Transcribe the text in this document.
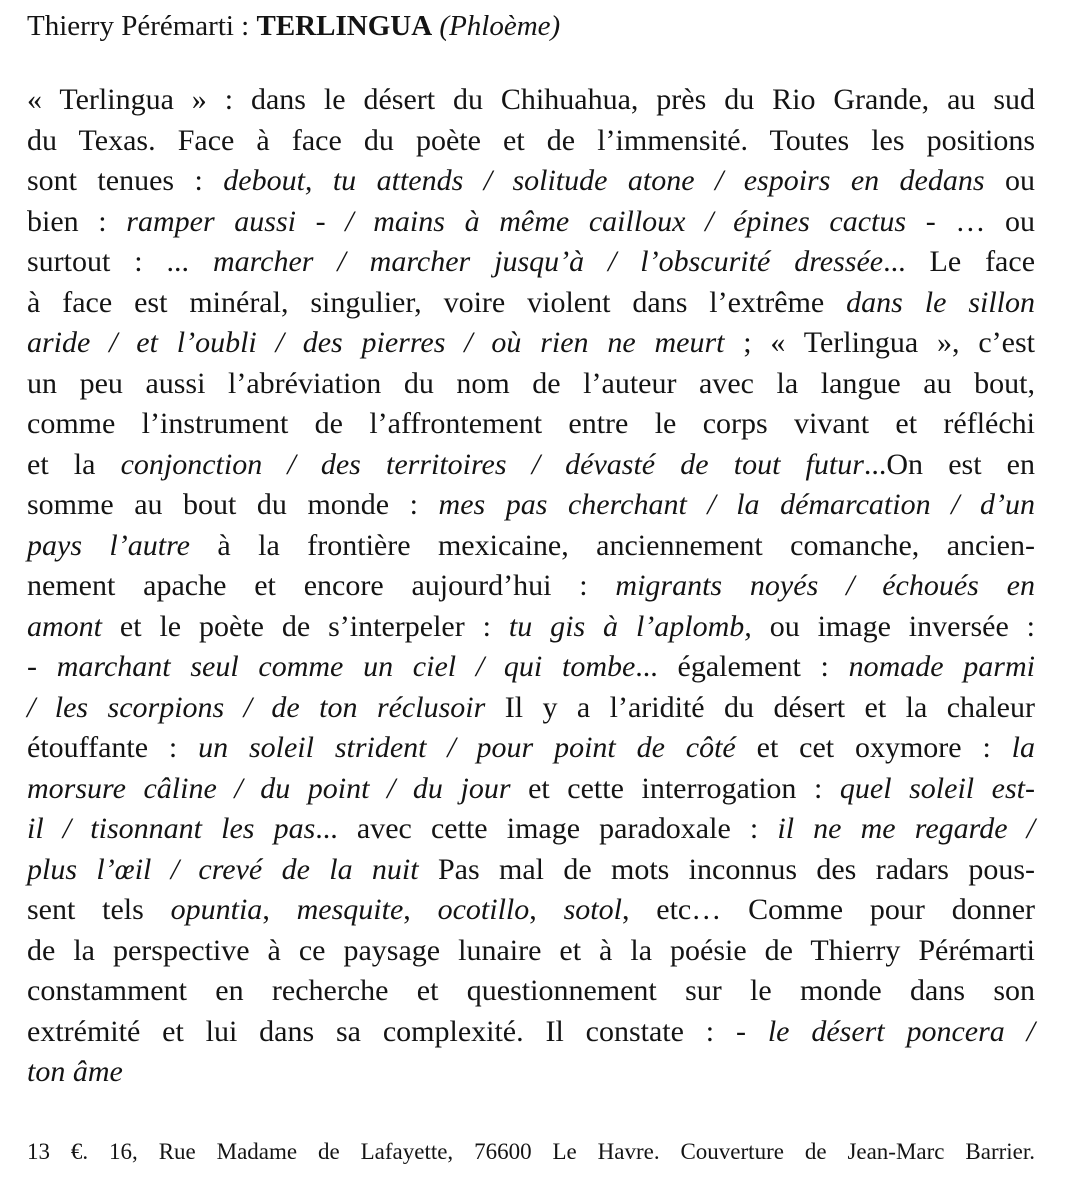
Thierry Pérémarti : TERLINGUA (Phloème)
« Terlingua » : dans le désert du Chihuahua, près du Rio Grande, au sud
du Texas. Face à face du poète et de l’immensité. Toutes les positions
sont tenues : debout, tu attends / solitude atone / espoirs en dedans ou
bien : ramper aussi - / mains à même cailloux / épines cactus - … ou
surtout : ... marcher / marcher jusqu’à / l’obscurité dressée... Le face
à face est minéral, singulier, voire violent dans l’extrême dans le sillon
aride / et l’oubli / des pierres / où rien ne meurt ; « Terlingua », c’est
un peu aussi l’abréviation du nom de l’auteur avec la langue au bout,
comme l’instrument de l’affrontement entre le corps vivant et réfléchi
et la conjonction / des territoires / dévasté de tout futur...On est en
somme au bout du monde : mes pas cherchant / la démarcation / d’un
pays l’autre à la frontière mexicaine, anciennement comanche, ancien-
nement apache et encore aujourd’hui : migrants noyés / échoués en
amont et le poète de s’interpeler : tu gis à l’aplomb, ou image inversée :
- marchant seul comme un ciel / qui tombe... également : nomade parmi
/ les scorpions / de ton réclusoir Il y a l’aridité du désert et la chaleur
étouffante : un soleil strident / pour point de côté et cet oxymore : la
morsure câline / du point / du jour et cette interrogation : quel soleil est-
il / tisonnant les pas... avec cette image paradoxale : il ne me regarde /
plus l’œil / crevé de la nuit Pas mal de mots inconnus des radars pous-
sent tels opuntia, mesquite, ocotillo, sotol, etc… Comme pour donner
de la perspective à ce paysage lunaire et à la poésie de Thierry Pérémarti
constamment en recherche et questionnement sur le monde dans son
extrémité et lui dans sa complexité. Il constate : - le désert poncera /
ton âme
13 €. 16, Rue Madame de Lafayette, 76600 Le Havre. Couverture de Jean-Marc Barrier.
